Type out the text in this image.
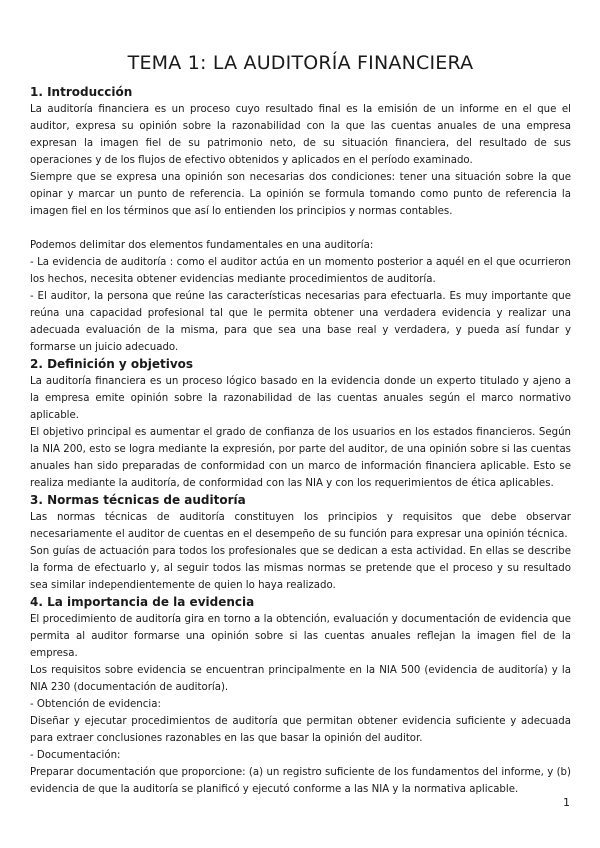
TEMA 1: LA AUDITORÍA FINANCIERA
1. Introducción

La auditoría financiera es un proceso cuyo resultado final es la emisión de un informe en el que el auditor, expresa su opinión sobre la razonabilidad con la que las cuentas anuales de una empresa expresan la imagen fiel de su patrimonio neto, de su situación financiera, del resultado de sus operaciones y de los flujos de efectivo obtenidos y aplicados en el período examinado.

Siempre que se expresa una opinión son necesarias dos condiciones: tener una situación sobre la que opinar y marcar un punto de referencia. La opinión se formula tomando como punto de referencia la imagen fiel en los términos que así lo entienden los principios y normas contables.

Podemos delimitar dos elementos fundamentales en una auditoría:

- La evidencia de auditoría : como el auditor actúa en un momento posterior a aquél en el que ocurrieron los hechos, necesita obtener evidencias mediante procedimientos de auditoría.

- El auditor, la persona que reúne las características necesarias para efectuarla. Es muy importante que reúna una capacidad profesional tal que le permita obtener una verdadera evidencia y realizar una adecuada evaluación de la misma, para que sea una base real y verdadera, y pueda así fundar y formarse un juicio adecuado.

2. Definición y objetivos

La auditoría financiera es un proceso lógico basado en la evidencia donde un experto titulado y ajeno a la empresa emite opinión sobre la razonabilidad de las cuentas anuales según el marco normativo aplicable.

El objetivo principal es aumentar el grado de confianza de los usuarios en los estados financieros. Según la NIA 200, esto se logra mediante la expresión, por parte del auditor, de una opinión sobre si las cuentas anuales han sido preparadas de conformidad con un marco de información financiera aplicable. Esto se realiza mediante la auditoría, de conformidad con las NIA y con los requerimientos de ética aplicables.

3. Normas técnicas de auditoría

Las normas técnicas de auditoría constituyen los principios y requisitos que debe observar necesariamente el auditor de cuentas en el desempeño de su función para expresar una opinión técnica.

Son guías de actuación para todos los profesionales que se dedican a esta actividad. En ellas se describe la forma de efectuarlo y, al seguir todos las mismas normas se pretende que el proceso y su resultado sea similar independientemente de quien lo haya realizado.

4. La importancia de la evidencia

El procedimiento de auditoría gira en torno a la obtención, evaluación y documentación de evidencia que permita al auditor formarse una opinión sobre si las cuentas anuales reflejan la imagen fiel de la empresa.

Los requisitos sobre evidencia se encuentran principalmente en la NIA 500 (evidencia de auditoría) y la NIA 230 (documentación de auditoría).

- Obtención de evidencia:

Diseñar y ejecutar procedimientos de auditoría que permitan obtener evidencia suficiente y adecuada para extraer conclusiones razonables en las que basar la opinión del auditor.

- Documentación:

Preparar documentación que proporcione: (a) un registro suficiente de los fundamentos del informe, y (b) evidencia de que la auditoría se planificó y ejecutó conforme a las NIA y la normativa aplicable.

1
